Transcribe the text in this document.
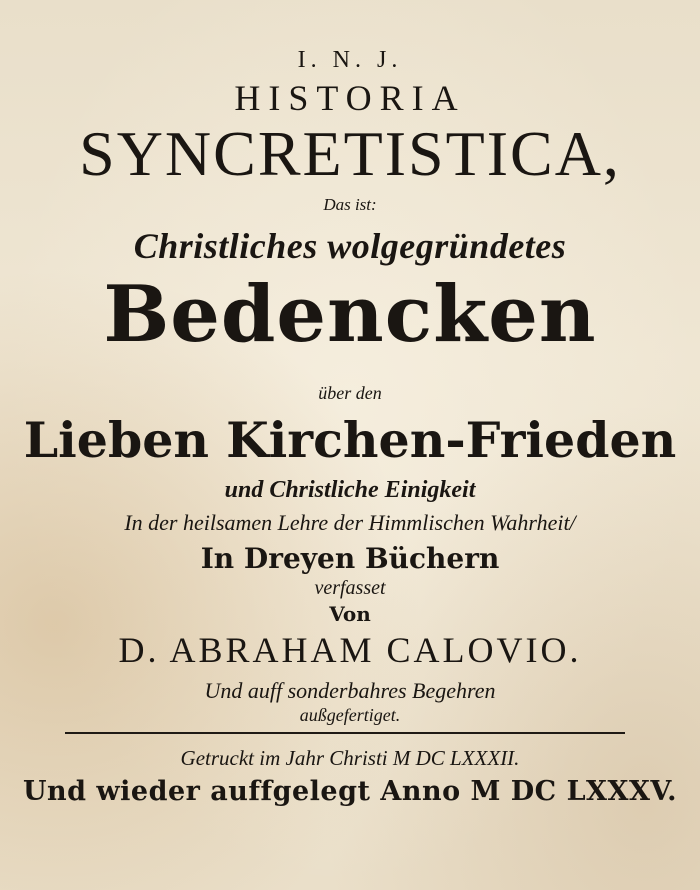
I. N. J.
HISTORIA
SYNCRETISTICA,
Das ist:
Christliches wolgegründetes
Bedencken
über den
Lieben Kirchen-Frieden
und Christliche Einigkeit
In der heilsamen Lehre der Himmlischen Wahrheit/
In Dreyen Büchern
verfasset
Von
D. ABRAHAM CALOVIO.
Und auff sonderbahres Begehren
außgefertiget.
Getruckt im Jahr Christi M DC LXXXII.
Und wieder auffgelegt Anno M DC LXXXV.
